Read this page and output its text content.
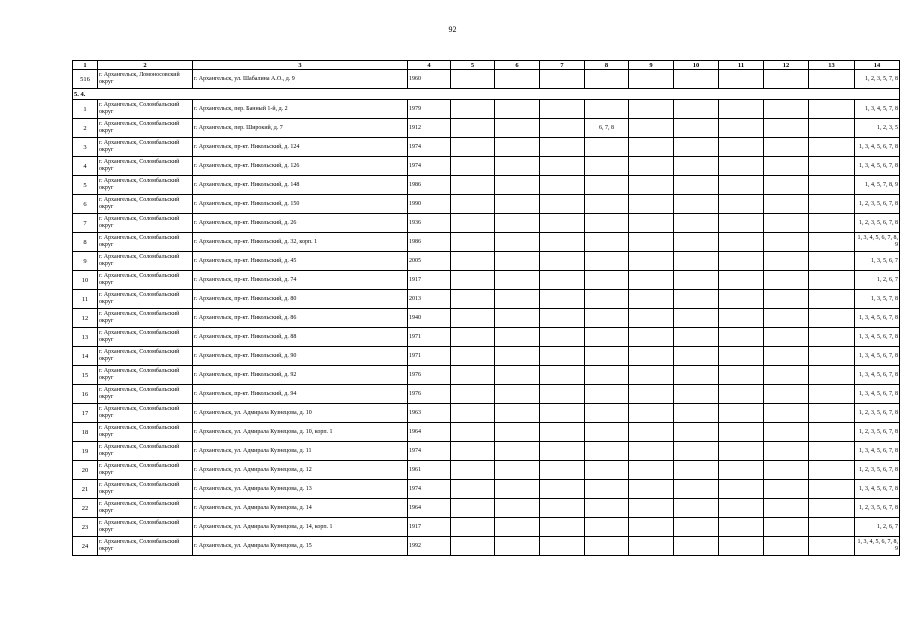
92
1	2	3	4	5	6	7	8	9	10	11	12	13	14
516	г. Архангельск, Ломоносовский округ	г. Архангельск, ул. Шабалина А.О., д. 9	1960										1, 2, 3, 5, 7, 8
5. 4.													
1	г. Архангельск, Соломбальский округ	г. Архангельск, пер. Банный 1-й, д. 2	1979										1, 3, 4, 5, 7, 8
2	г. Архангельск, Соломбальский округ	г. Архангельск, пер. Широкий, д. 7	1912				6, 7, 8						1, 2, 3, 5
3	г. Архангельск, Соломбальский округ	г. Архангельск, пр-кт. Никольский, д. 124	1974										1, 3, 4, 5, 6, 7, 8
4	г. Архангельск, Соломбальский округ	г. Архангельск, пр-кт. Никольский, д. 126	1974										1, 3, 4, 5, 6, 7, 8
5	г. Архангельск, Соломбальский округ	г. Архангельск, пр-кт. Никольский, д. 148	1986										1, 4, 5, 7, 8, 9
6	г. Архангельск, Соломбальский округ	г. Архангельск, пр-кт. Никольский, д. 150	1990										1, 2, 3, 5, 6, 7, 8
7	г. Архангельск, Соломбальский округ	г. Архангельск, пр-кт. Никольский, д. 26	1936										1, 2, 3, 5, 6, 7, 8
8	г. Архангельск, Соломбальский округ	г. Архангельск, пр-кт. Никольский, д. 32, корп. 1	1986										1, 3, 4, 5, 6, 7, 8, 9
9	г. Архангельск, Соломбальский округ	г. Архангельск, пр-кт. Никольский, д. 45	2005										1, 3, 5, 6, 7
10	г. Архангельск, Соломбальский округ	г. Архангельск, пр-кт. Никольский, д. 74	1917										1, 2, 6, 7
11	г. Архангельск, Соломбальский округ	г. Архангельск, пр-кт. Никольский, д. 80	2013										1, 3, 5, 7, 8
12	г. Архангельск, Соломбальский округ	г. Архангельск, пр-кт. Никольский, д. 86	1940										1, 3, 4, 5, 6, 7, 8
13	г. Архангельск, Соломбальский округ	г. Архангельск, пр-кт. Никольский, д. 88	1971										1, 3, 4, 5, 6, 7, 8
14	г. Архангельск, Соломбальский округ	г. Архангельск, пр-кт. Никольский, д. 90	1971										1, 3, 4, 5, 6, 7, 8
15	г. Архангельск, Соломбальский округ	г. Архангельск, пр-кт. Никольский, д. 92	1976										1, 3, 4, 5, 6, 7, 8
16	г. Архангельск, Соломбальский округ	г. Архангельск, пр-кт. Никольский, д. 94	1976										1, 3, 4, 5, 6, 7, 8
17	г. Архангельск, Соломбальский округ	г. Архангельск, ул. Адмирала Кузнецова, д. 10	1963										1, 2, 3, 5, 6, 7, 8
18	г. Архангельск, Соломбальский округ	г. Архангельск, ул. Адмирала Кузнецова, д. 10, корп. 1	1964										1, 2, 3, 5, 6, 7, 8
19	г. Архангельск, Соломбальский округ	г. Архангельск, ул. Адмирала Кузнецова, д. 11	1974										1, 3, 4, 5, 6, 7, 8
20	г. Архангельск, Соломбальский округ	г. Архангельск, ул. Адмирала Кузнецова, д. 12	1961										1, 2, 3, 5, 6, 7, 8
21	г. Архангельск, Соломбальский округ	г. Архангельск, ул. Адмирала Кузнецова, д. 13	1974										1, 3, 4, 5, 6, 7, 8
22	г. Архангельск, Соломбальский округ	г. Архангельск, ул. Адмирала Кузнецова, д. 14	1964										1, 2, 3, 5, 6, 7, 8
23	г. Архангельск, Соломбальский округ	г. Архангельск, ул. Адмирала Кузнецова, д. 14, корп. 1	1917										1, 2, 6, 7
24	г. Архангельск, Соломбальский округ	г. Архангельск, ул. Адмирала Кузнецова, д. 15	1992										1, 3, 4, 5, 6, 7, 8, 9
